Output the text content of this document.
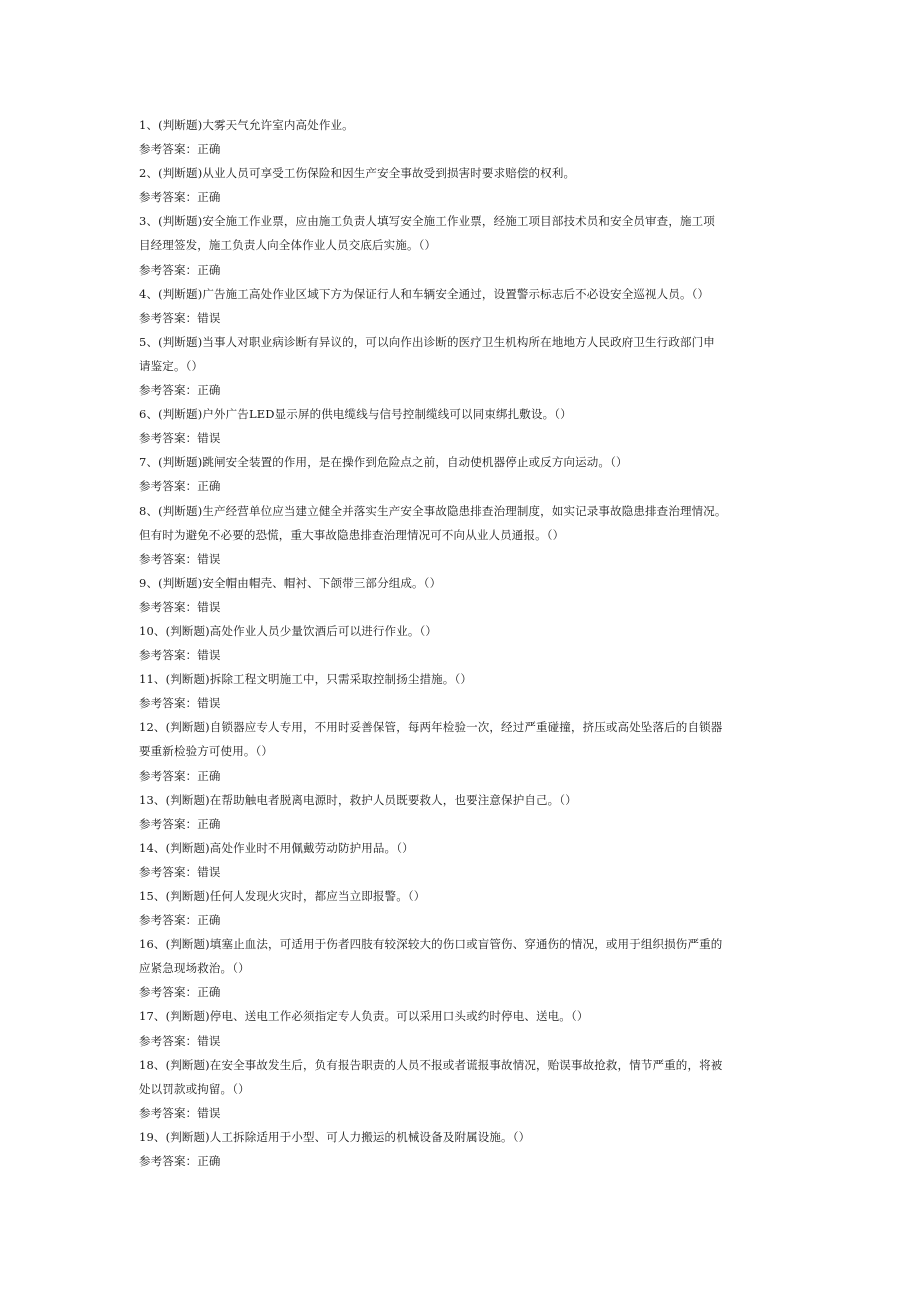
1、(判断题)大雾天气允许室内高处作业。
参考答案：正确
2、(判断题)从业人员可享受工伤保险和因生产安全事故受到损害时要求赔偿的权利。
参考答案：正确
3、(判断题)安全施工作业票，应由施工负责人填写安全施工作业票，经施工项目部技术员和安全员审查，施工项
目经理签发，施工负责人向全体作业人员交底后实施。（）
参考答案：正确
4、(判断题)广告施工高处作业区域下方为保证行人和车辆安全通过，设置警示标志后不必设安全巡视人员。（）
参考答案：错误
5、(判断题)当事人对职业病诊断有异议的，可以向作出诊断的医疗卫生机构所在地地方人民政府卫生行政部门申
请鉴定。（）
参考答案：正确
6、(判断题)户外广告LED显示屏的供电缆线与信号控制缆线可以同束绑扎敷设。（）
参考答案：错误
7、(判断题)跳闸安全装置的作用，是在操作到危险点之前，自动使机器停止或反方向运动。（）
参考答案：正确
8、(判断题)生产经营单位应当建立健全并落实生产安全事故隐患排查治理制度，如实记录事故隐患排查治理情况。
但有时为避免不必要的恐慌，重大事故隐患排查治理情况可不向从业人员通报。（）
参考答案：错误
9、(判断题)安全帽由帽壳、帽衬、下颌带三部分组成。（）
参考答案：错误
10、(判断题)高处作业人员少量饮酒后可以进行作业。（）
参考答案：错误
11、(判断题)拆除工程文明施工中，只需采取控制扬尘措施。（）
参考答案：错误
12、(判断题)自锁器应专人专用，不用时妥善保管，每两年检验一次，经过严重碰撞，挤压或高处坠落后的自锁器
要重新检验方可使用。（）
参考答案：正确
13、(判断题)在帮助触电者脱离电源时，救护人员既要救人，也要注意保护自己。（）
参考答案：正确
14、(判断题)高处作业时不用佩戴劳动防护用品。（）
参考答案：错误
15、(判断题)任何人发现火灾时，都应当立即报警。（）
参考答案：正确
16、(判断题)填塞止血法，可适用于伤者四肢有较深较大的伤口或盲管伤、穿通伤的情况，或用于组织损伤严重的
应紧急现场救治。（）
参考答案：正确
17、(判断题)停电、送电工作必须指定专人负责。可以采用口头或约时停电、送电。（）
参考答案：错误
18、(判断题)在安全事故发生后，负有报告职责的人员不报或者谎报事故情况，贻误事故抢救，情节严重的，将被
处以罚款或拘留。（）
参考答案：错误
19、(判断题)人工拆除适用于小型、可人力搬运的机械设备及附属设施。（）
参考答案：正确
